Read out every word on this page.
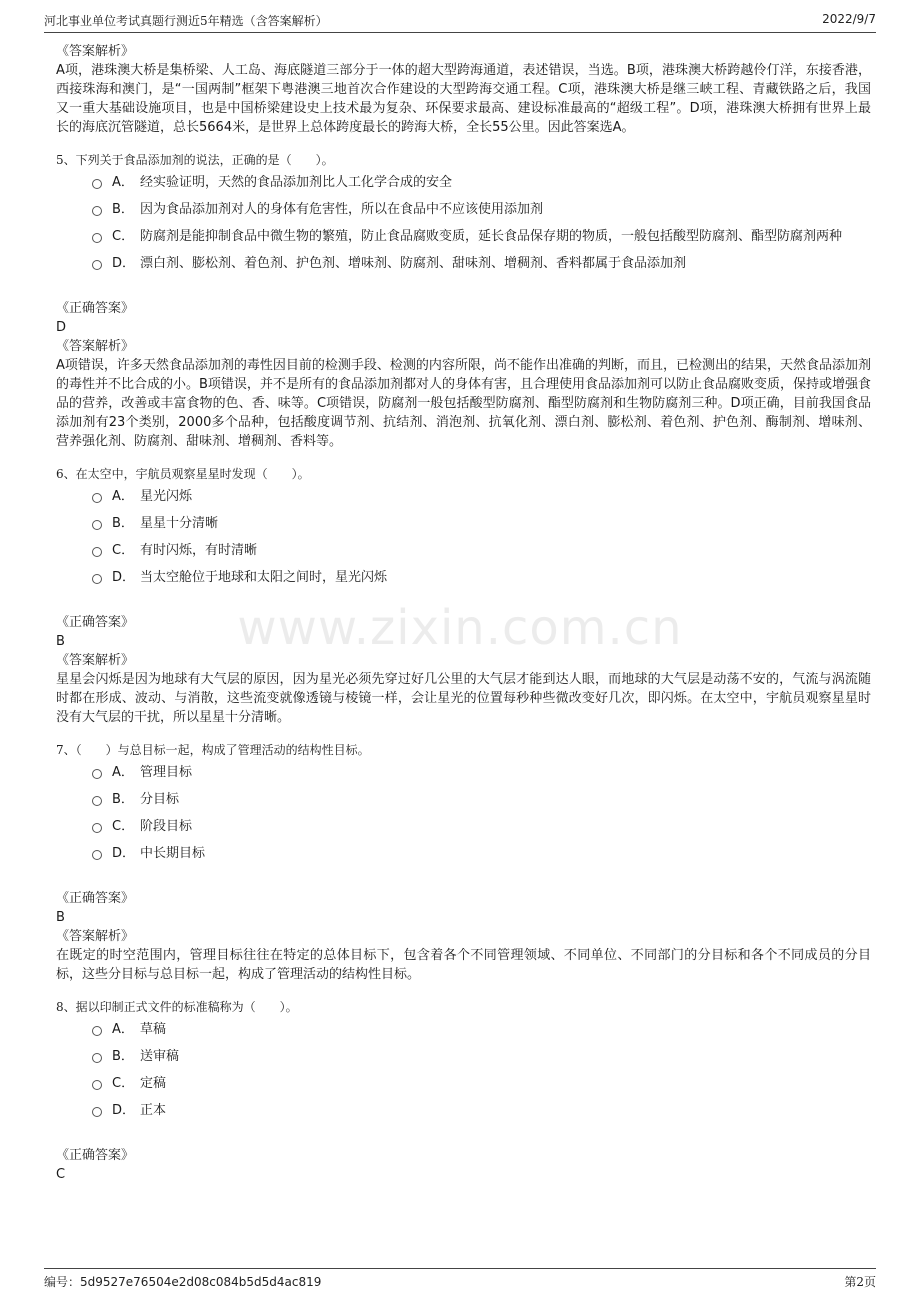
河北事业单位考试真题行测近5年精选（含答案解析）	2022/9/7
www.zixin.com.cn
《答案解析》
A项，港珠澳大桥是集桥梁、人工岛、海底隧道三部分于一体的超大型跨海通道，表述错误，当选。B项，港珠澳大桥跨越伶仃洋，东接香港，西接珠海和澳门，是“一国两制”框架下粤港澳三地首次合作建设的大型跨海交通工程。C项，港珠澳大桥是继三峡工程、青藏铁路之后，我国又一重大基础设施项目，也是中国桥梁建设史上技术最为复杂、环保要求最高、建设标准最高的“超级工程”。D项，港珠澳大桥拥有世界上最长的海底沉管隧道，总长5664米，是世界上总体跨度最长的跨海大桥，全长55公里。因此答案选A。
5、下列关于食品添加剂的说法，正确的是（　　）。
A． 经实验证明，天然的食品添加剂比人工化学合成的安全
B． 因为食品添加剂对人的身体有危害性，所以在食品中不应该使用添加剂
C． 防腐剂是能抑制食品中微生物的繁殖，防止食品腐败变质，延长食品保存期的物质，一般包括酸型防腐剂、酯型防腐剂两种
D． 漂白剂、膨松剂、着色剂、护色剂、增味剂、防腐剂、甜味剂、增稠剂、香料都属于食品添加剂
《正确答案》
D
《答案解析》
A项错误，许多天然食品添加剂的毒性因目前的检测手段、检测的内容所限，尚不能作出准确的判断，而且，已检测出的结果，天然食品添加剂的毒性并不比合成的小。B项错误，并不是所有的食品添加剂都对人的身体有害，且合理使用食品添加剂可以防止食品腐败变质，保持或增强食品的营养，改善或丰富食物的色、香、味等。C项错误，防腐剂一般包括酸型防腐剂、酯型防腐剂和生物防腐剂三种。D项正确，目前我国食品添加剂有23个类别，2000多个品种，包括酸度调节剂、抗结剂、消泡剂、抗氧化剂、漂白剂、膨松剂、着色剂、护色剂、酶制剂、增味剂、营养强化剂、防腐剂、甜味剂、增稠剂、香料等。
6、在太空中，宇航员观察星星时发现（　　）。
A． 星光闪烁
B． 星星十分清晰
C． 有时闪烁，有时清晰
D． 当太空舱位于地球和太阳之间时，星光闪烁
《正确答案》
B
《答案解析》
星星会闪烁是因为地球有大气层的原因，因为星光必须先穿过好几公里的大气层才能到达人眼，而地球的大气层是动荡不安的，气流与涡流随时都在形成、波动、与消散，这些流变就像透镜与棱镜一样，会让星光的位置每秒种些微改变好几次，即闪烁。在太空中，宇航员观察星星时没有大气层的干扰，所以星星十分清晰。
7、（　　）与总目标一起，构成了管理活动的结构性目标。
A． 管理目标
B． 分目标
C． 阶段目标
D． 中长期目标
《正确答案》
B
《答案解析》
在既定的时空范围内，管理目标往往在特定的总体目标下，包含着各个不同管理领域、不同单位、不同部门的分目标和各个不同成员的分目标，这些分目标与总目标一起，构成了管理活动的结构性目标。
8、据以印制正式文件的标准稿称为（　　）。
A． 草稿
B． 送审稿
C． 定稿
D． 正本
《正确答案》
C
编号：5d9527e76504e2d08c084b5d5d4ac819	第2页
